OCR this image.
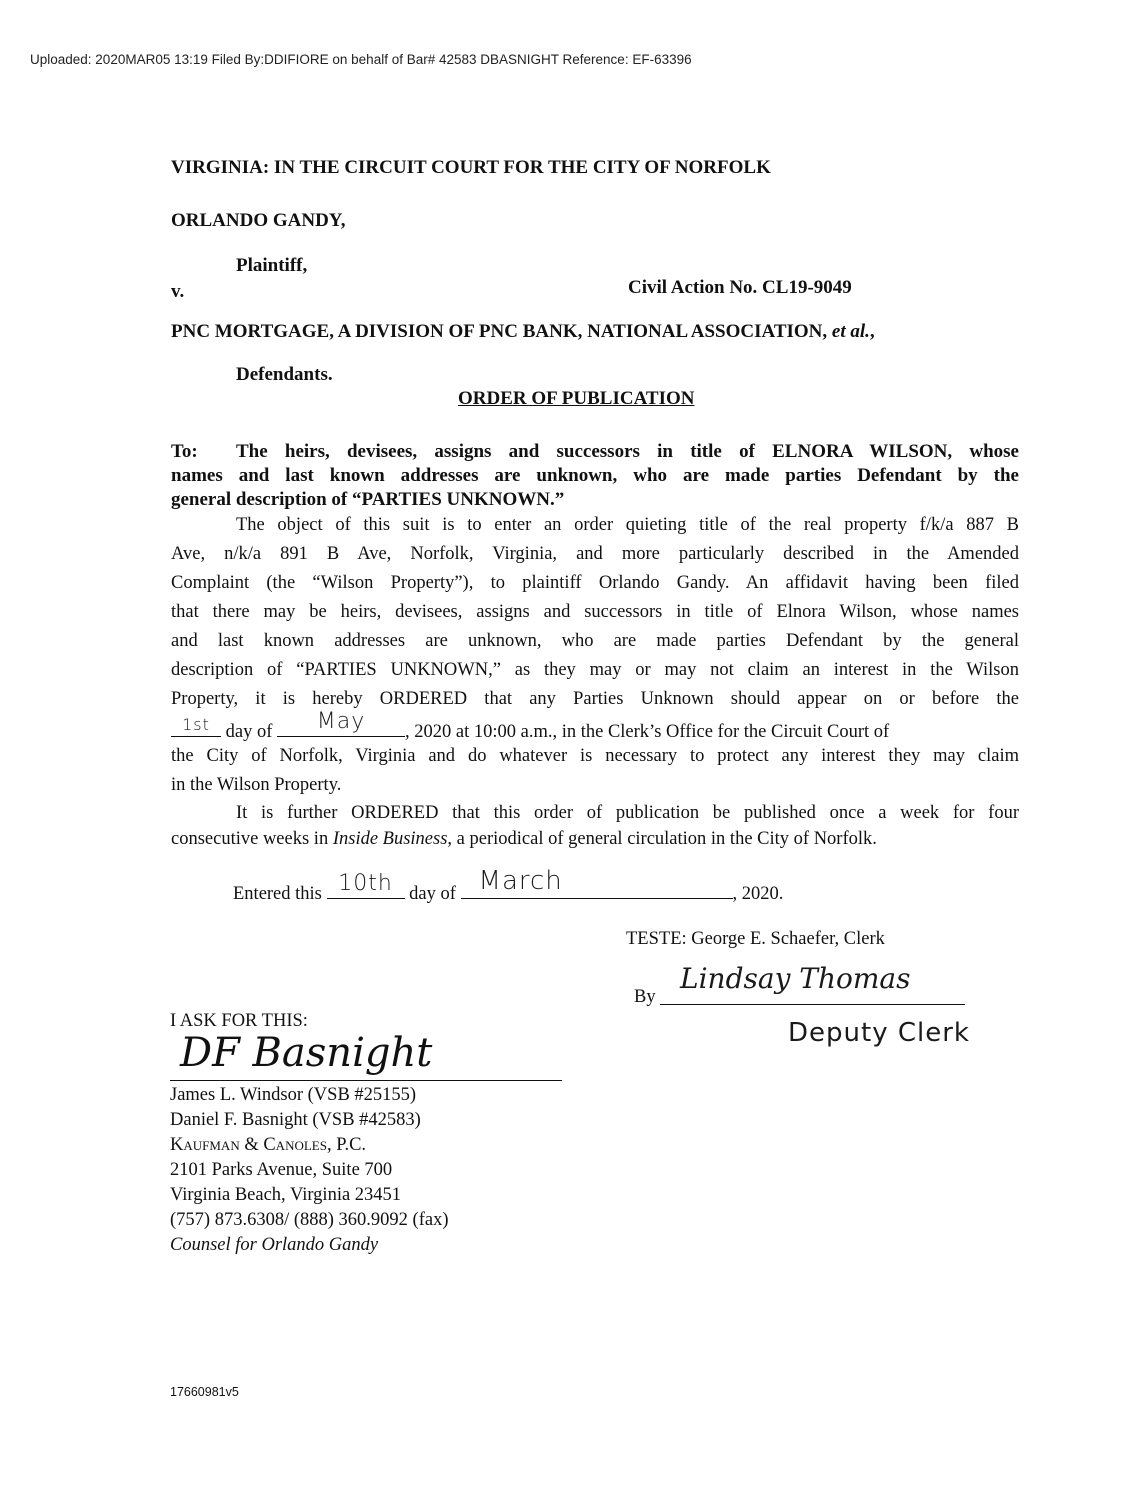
Uploaded: 2020MAR05 13:19 Filed By:DDIFIORE on behalf of Bar# 42583 DBASNIGHT Reference: EF-63396
VIRGINIA: IN THE CIRCUIT COURT FOR THE CITY OF NORFOLK
ORLANDO GANDY,
Plaintiff,
v.	Civil Action No. CL19-9049
PNC MORTGAGE, A DIVISION OF PNC BANK, NATIONAL ASSOCIATION, et al.,
Defendants.
ORDER OF PUBLICATION
To: The heirs, devisees, assigns and successors in title of ELNORA WILSON, whose
names and last known addresses are unknown, who are made parties Defendant by the
general description of “PARTIES UNKNOWN.”
The object of this suit is to enter an order quieting title of the real property f/k/a 887 B
Ave, n/k/a 891 B Ave, Norfolk, Virginia, and more particularly described in the Amended
Complaint (the “Wilson Property”), to plaintiff Orlando Gandy. An affidavit having been filed
that there may be heirs, devisees, assigns and successors in title of Elnora Wilson, whose names
and last known addresses are unknown, who are made parties Defendant by the general
description of “PARTIES UNKNOWN,” as they may or may not claim an interest in the Wilson
Property, it is hereby ORDERED that any Parties Unknown should appear on or before the
1st day of	May	, 2020 at 10:00 a.m., in the Clerk’s Office for the Circuit Court of
the City of Norfolk, Virginia and do whatever is necessary to protect any interest they may claim
in the Wilson Property.
It is further ORDERED that this order of publication be published once a week for four
consecutive weeks in Inside Business, a periodical of general circulation in the City of Norfolk.
Entered this 10th day of March	, 2020.
TESTE: George E. Schaefer, Clerk
By
Lindsay Thomas
Deputy Clerk
I ASK FOR THIS:
DF Basnight
James L. Windsor (VSB #25155)
Daniel F. Basnight (VSB #42583)
Kaufman & Canoles, P.C.
2101 Parks Avenue, Suite 700
Virginia Beach, Virginia 23451
(757) 873.6308/ (888) 360.9092 (fax)
Counsel for Orlando Gandy
17660981v5
